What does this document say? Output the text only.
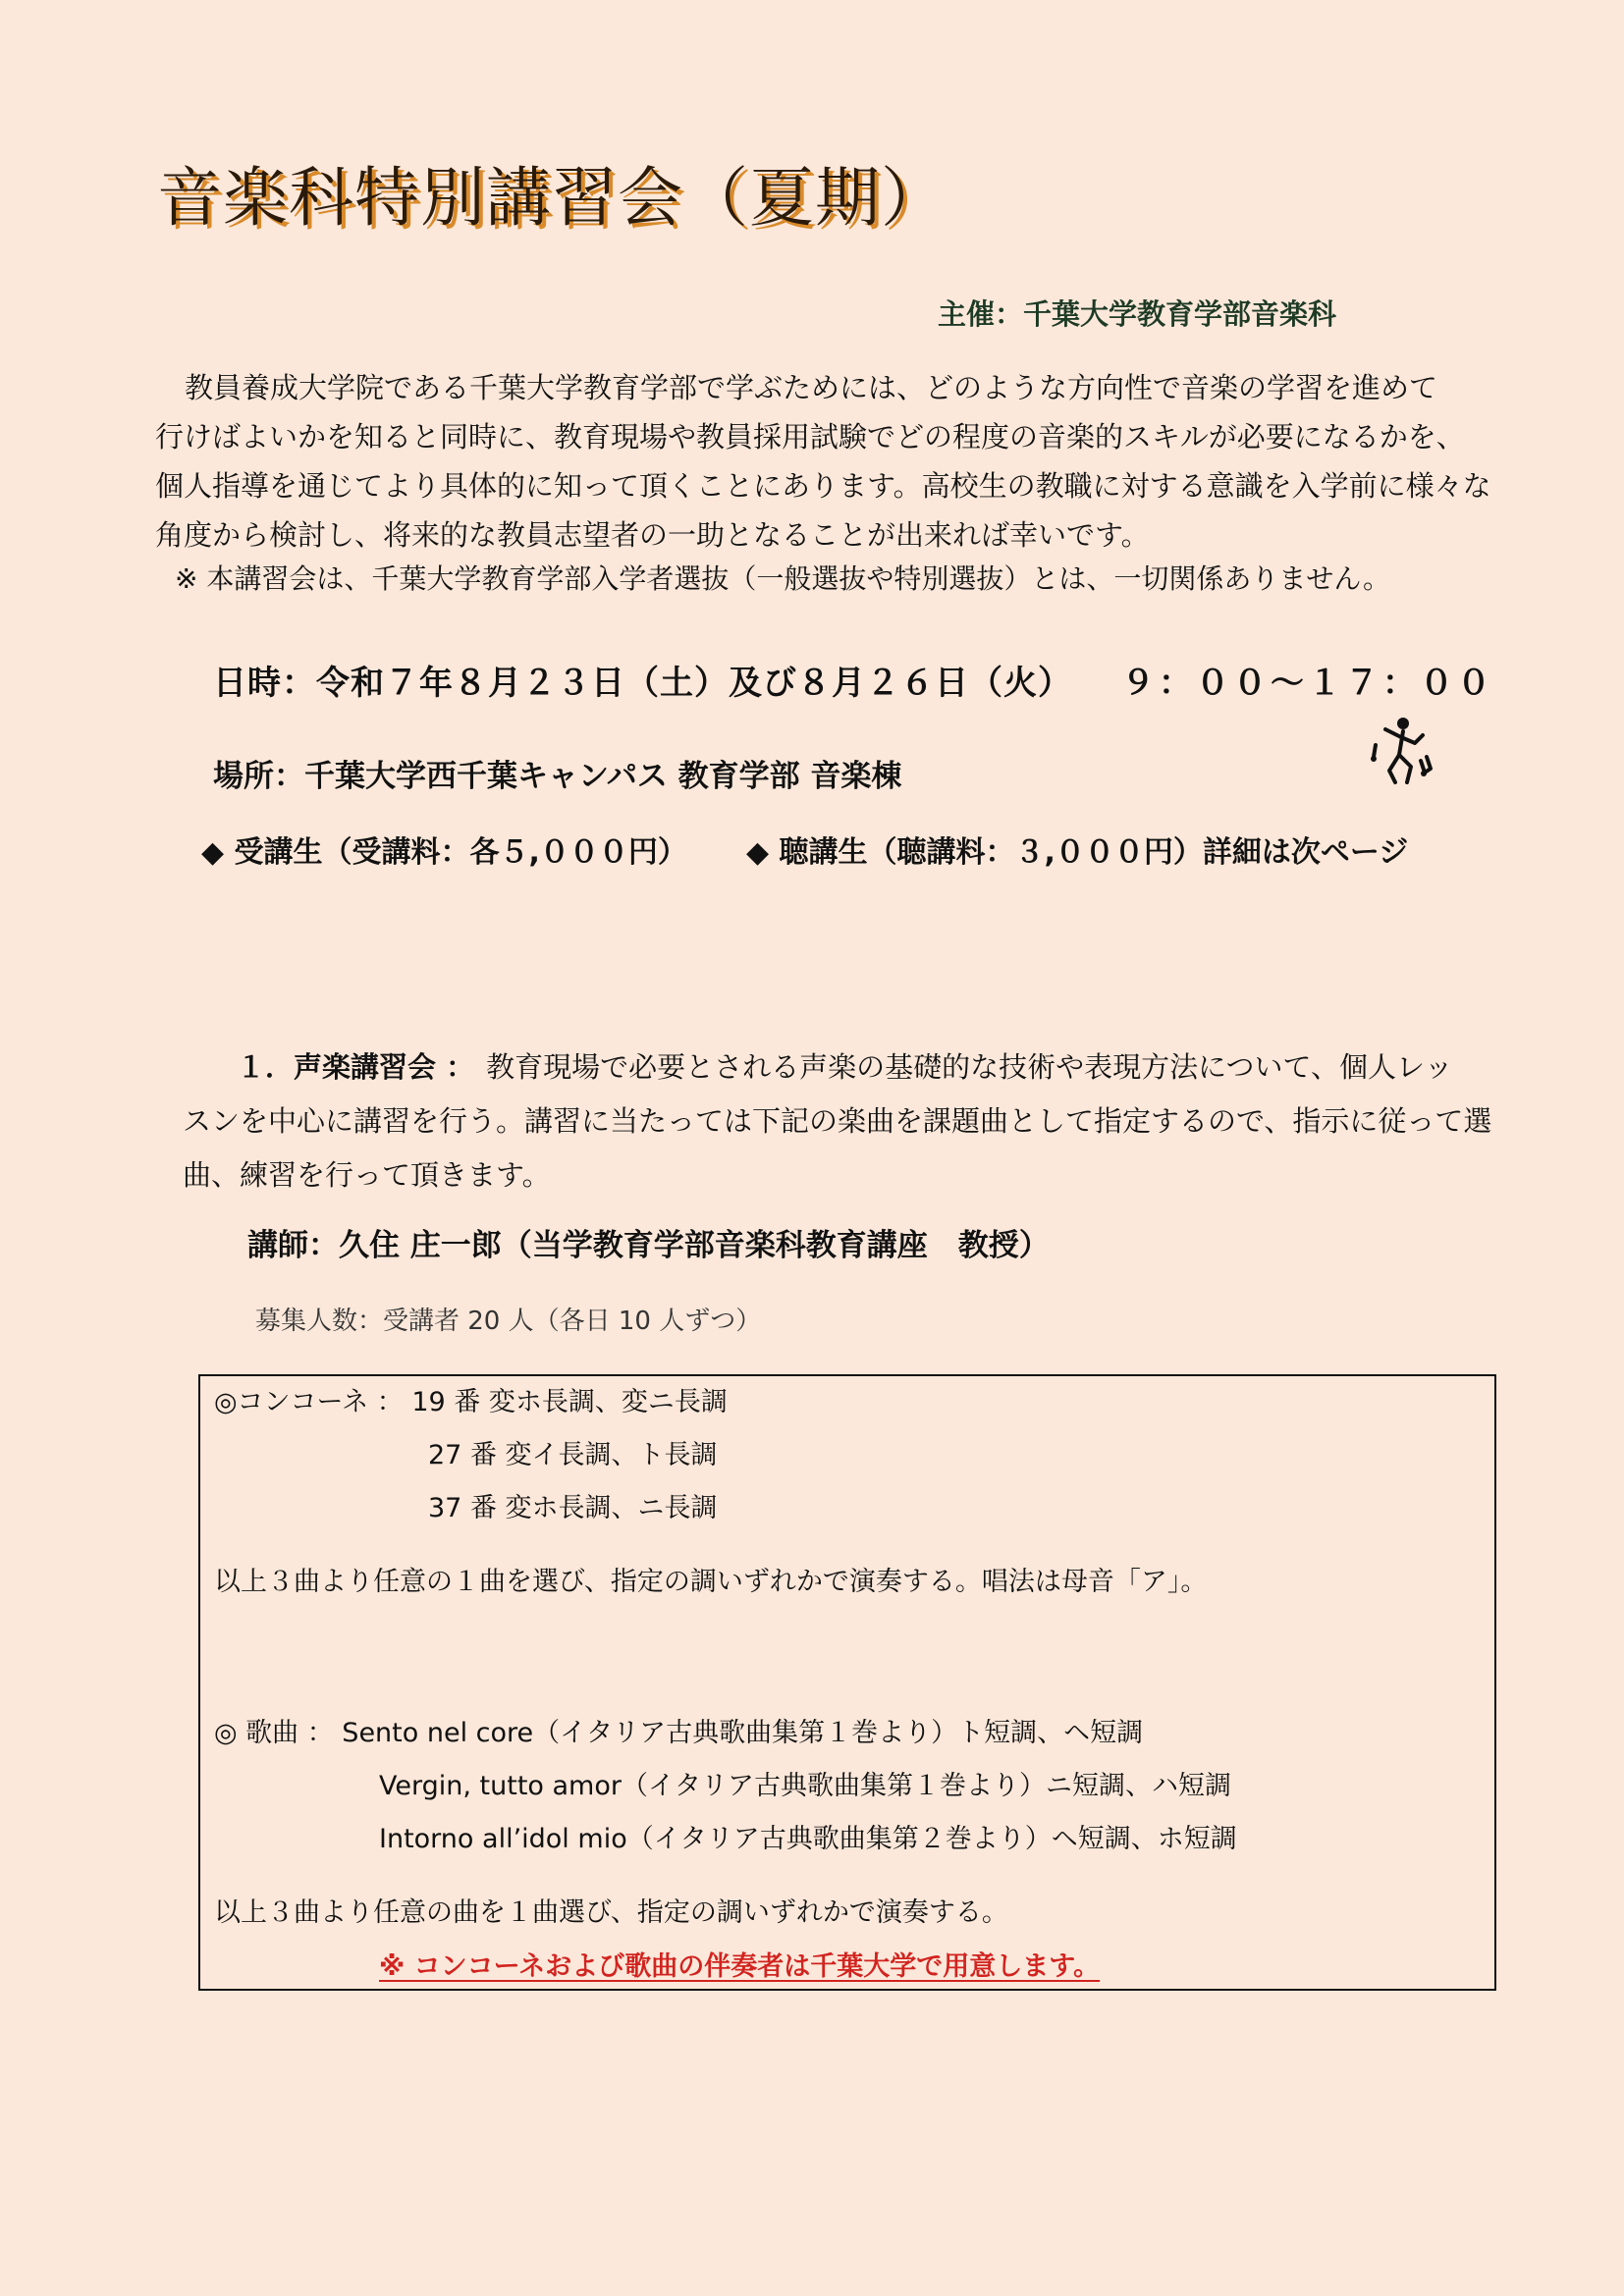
音楽科特別講習会（夏期）
主催：千葉大学教育学部音楽科

教員養成大学院である千葉大学教育学部で学ぶためには、どのような方向性で音楽の学習を進めて

行けばよいかを知ると同時に、教育現場や教員採用試験でどの程度の音楽的スキルが必要になるかを、

個人指導を通じてより具体的に知って頂くことにあります。高校生の教職に対する意識を入学前に様々な

角度から検討し、将来的な教員志望者の一助となることが出来れば幸いです。

※ 本講習会は、千葉大学教育学部入学者選抜（一般選抜や特別選抜）とは、一切関係ありません。
日時：令和７年８月２３日（土）及び８月２６日（火） ９：００～１７：００
場所：千葉大学西千葉キャンパス 教育学部 音楽棟
◆ 受講生（受講料：各５,０００円） ◆ 聴講生（聴講料：３,０００円）詳細は次ページ

１．声楽講習会 ： 教育現場で必要とされる声楽の基礎的な技術や表現方法について、個人レッ

スンを中心に講習を行う。講習に当たっては下記の楽曲を課題曲として指定するので、指示に従って選

曲、練習を行って頂きます。

講師：久住 庄一郎（当学教育学部音楽科教育講座　教授）
募集人数：受講者 20 人（各日 10 人ずつ）
◎コンコーネ ： 19 番 変ホ長調、変ニ長調
27 番 変イ長調、ト長調
37 番 変ホ長調、ニ長調
以上３曲より任意の１曲を選び、指定の調いずれかで演奏する。唱法は母音「ア」。
◎ 歌曲 ： Sento nel core（イタリア古典歌曲集第１巻より）ト短調、ヘ短調
Vergin, tutto amor（イタリア古典歌曲集第１巻より）ニ短調、ハ短調
Intorno all’idol mio（イタリア古典歌曲集第２巻より）ヘ短調、ホ短調
以上３曲より任意の曲を１曲選び、指定の調いずれかで演奏する。
※ コンコーネおよび歌曲の伴奏者は千葉大学で用意します。
